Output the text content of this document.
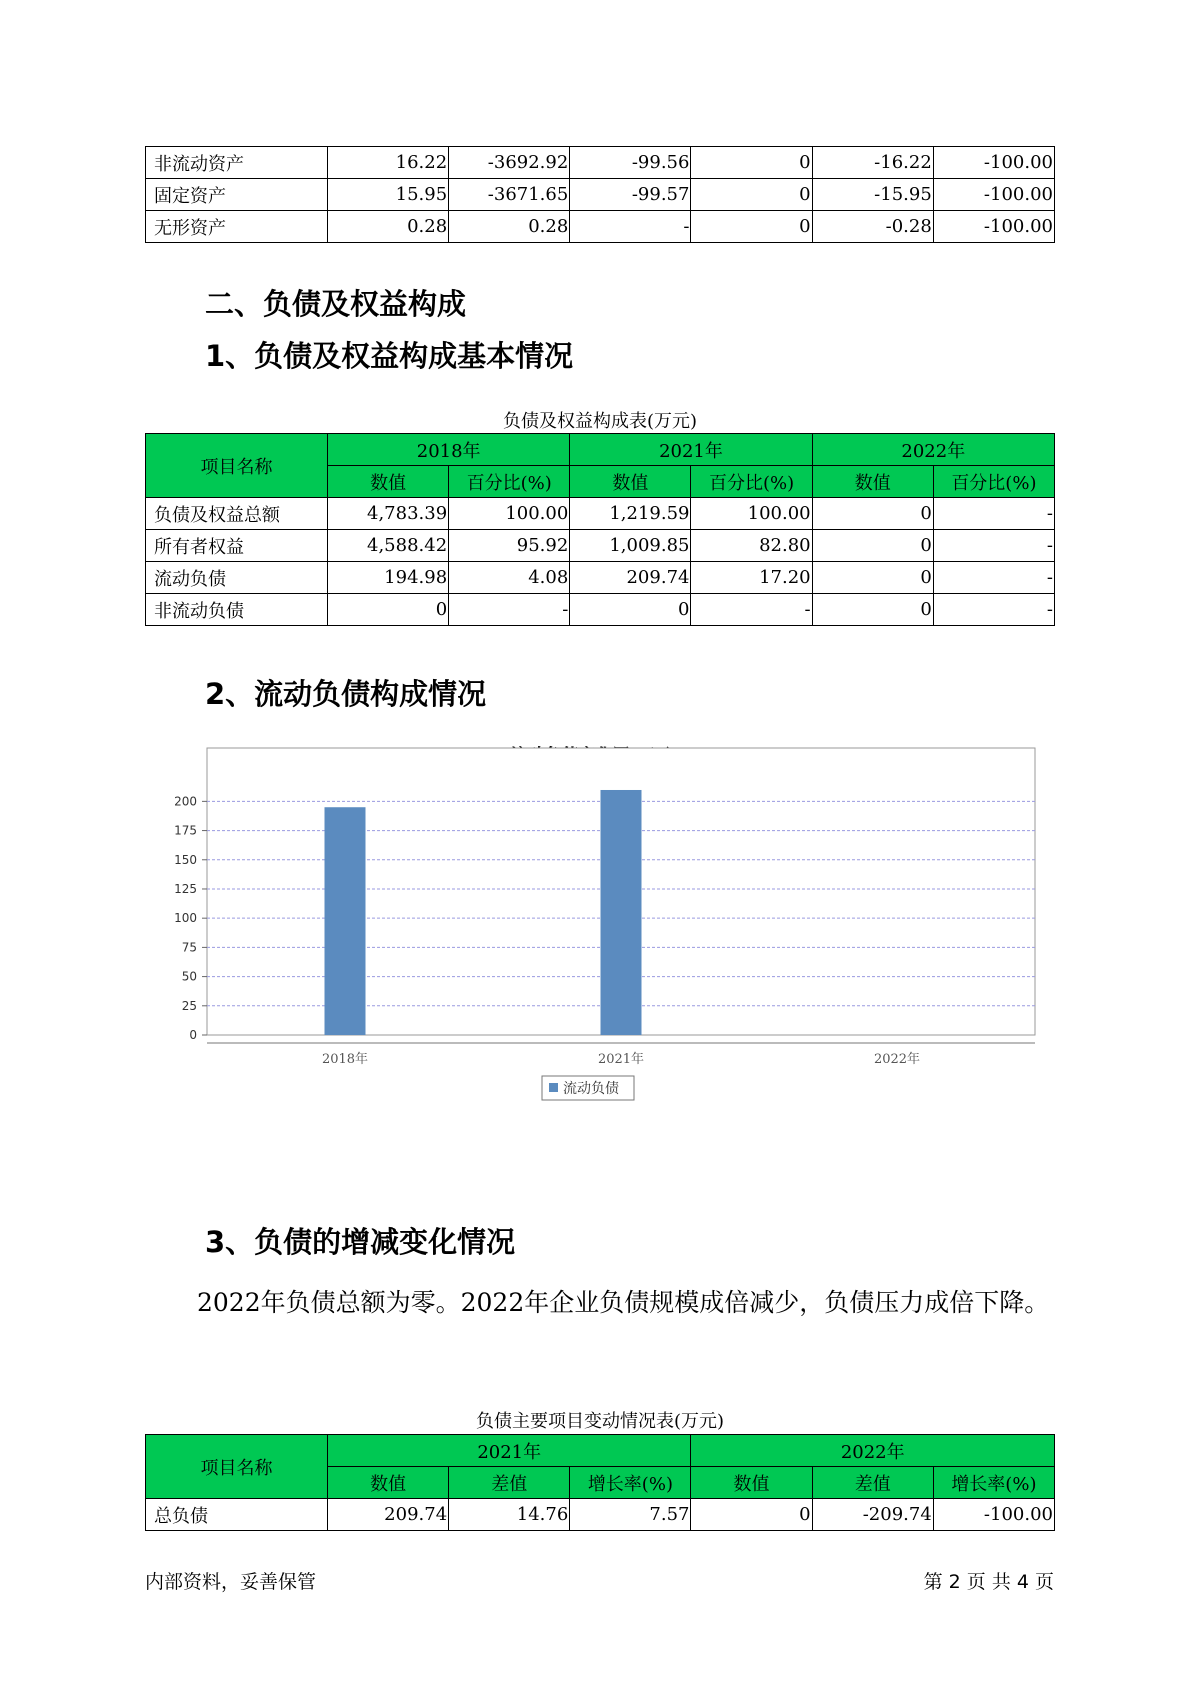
非流动资产	16.22	-3692.92	-99.56	0	-16.22	-100.00
固定资产	15.95	-3671.65	-99.57	0	-15.95	-100.00
无形资产	0.28	0.28	-	0	-0.28	-100.00
二、负债及权益构成
1、负债及权益构成基本情况
负债及权益构成表(万元)
项目名称	2018年		2021年		2022年	
	数值	百分比(%)	数值	百分比(%)	数值	百分比(%)
负债及权益总额	4,783.39	100.00	1,219.59	100.00	0	-
所有者权益	4,588.42	95.92	1,009.85	82.80	0	-
流动负债	194.98	4.08	209.74	17.20	0	-
非流动负债	0	-	0	-	0	-
2、流动负债构成情况
0
25
50
75
100
125
150
175
200
2018年	2021年	2022年
流动负债
3、负债的增减变化情况
2022年负债总额为零。2022年企业负债规模成倍减少，负债压力成倍下降。
负债主要项目变动情况表(万元)
项目名称	2021年			2022年		
	数值	差值	增长率(%)	数值	差值	增长率(%)
总负债	209.74	14.76	7.57	0	-209.74	-100.00
内部资料，妥善保管	第 2 页 共 4 页
